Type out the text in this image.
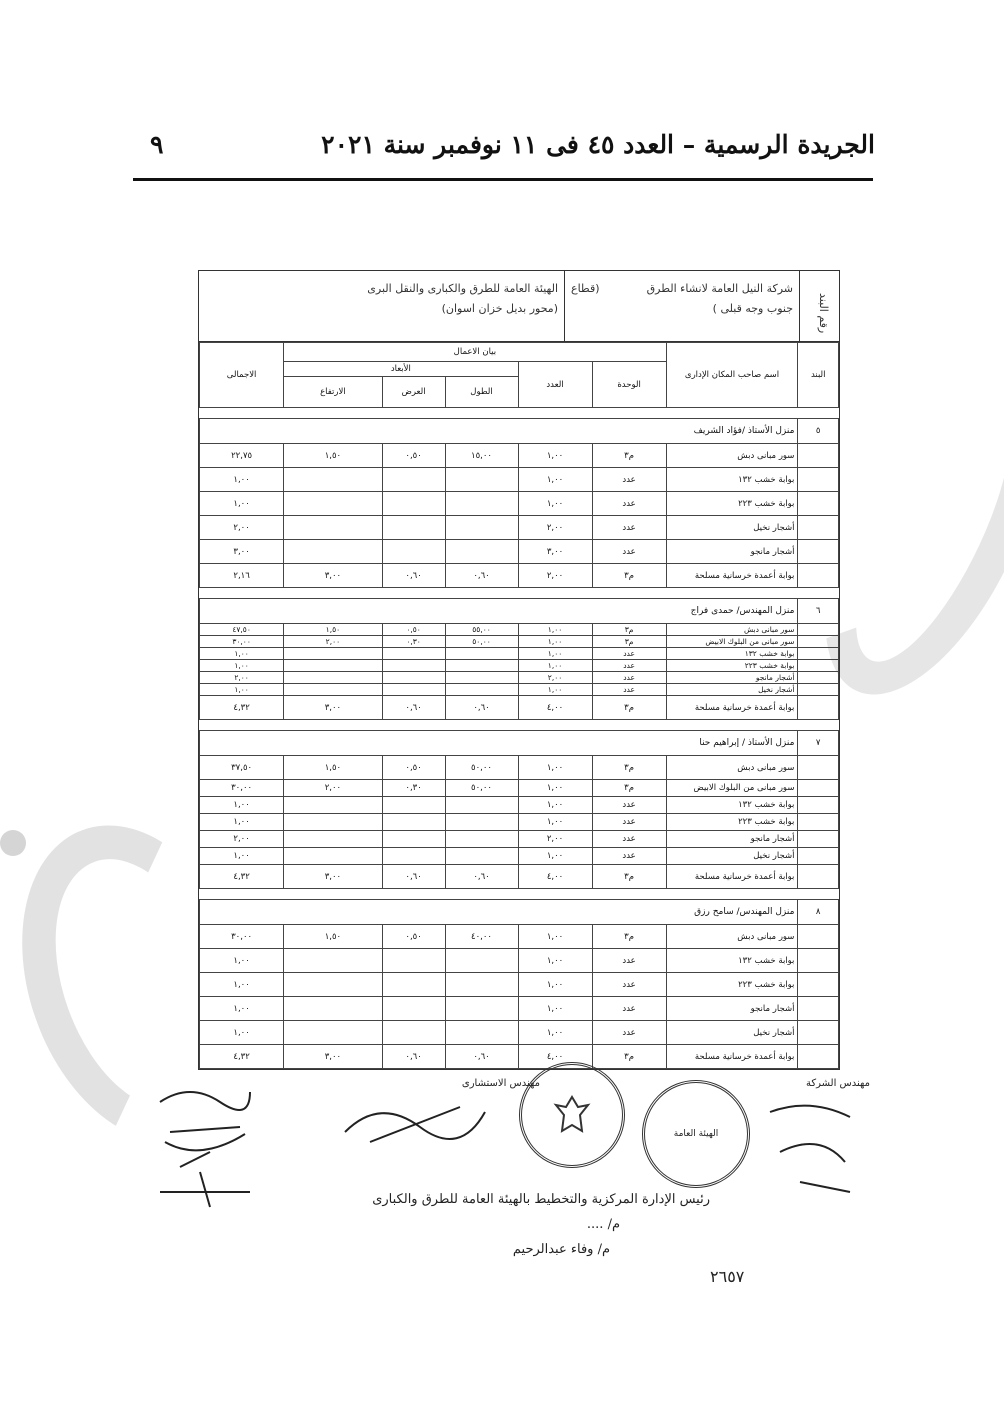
الجريدة الرسمية – العدد ٤٥ فى ١١ نوفمبر سنة ٢٠٢١
٩
رقم البند
شركة النيل العامة لانشاء الطرق
(قطاع
جنوب وجه قبلى )
الهيئة العامة للطرق والكبارى والنقل البرى
(محور بديل خزان اسوان)
البند	اسم صاحب المكان الإدارى	بيان الاعمال					الاجمالى
		الوحدة	العدد	الأبعاد			
				الطول	العرض	الارتفاع	

٥	منزل الأستاذ /فؤاد الشريف						
	سور مبانى دبش	م٣	١,٠٠	١٥,٠٠	٠,٥٠	١,٥٠	٢٢,٧٥
	بوابة خشب ١٣٢	عدد	١,٠٠				١,٠٠
	بوابة خشب ٢٢٣	عدد	١,٠٠				١,٠٠
	أشجار نخيل	عدد	٢,٠٠				٢,٠٠
	أشجار مانجو	عدد	٣,٠٠				٣,٠٠
	بوابة أعمدة خرسانية مسلحة	م٣	٢,٠٠	٠,٦٠	٠,٦٠	٣,٠٠	٢,١٦

٦	منزل المهندس/ حمدى فراج						
	سور مبانى دبش	م٣	١,٠٠	٥٥,٠٠	٠,٥٠	١,٥٠	٤٧,٥٠
	سور مبانى من البلوك الابيض	م٣	١,٠٠	٥٠,٠٠	٠,٣٠	٢,٠٠	٣٠,٠٠
	بوابة خشب ١٣٢	عدد	١,٠٠				١,٠٠
	بوابة خشب ٢٢٣	عدد	١,٠٠				١,٠٠
	أشجار مانجو	عدد	٢,٠٠				٢,٠٠
	أشجار نخيل	عدد	١,٠٠				١,٠٠
	بوابة أعمدة خرسانية مسلحة	م٣	٤,٠٠	٠,٦٠	٠,٦٠	٣,٠٠	٤,٣٢

٧	منزل الأستاذ / إبراهيم حنا						
	سور مبانى دبش	م٣	١,٠٠	٥٠,٠٠	٠,٥٠	١,٥٠	٣٧,٥٠
	سور مبانى من البلوك الابيض	م٣	١,٠٠	٥٠,٠٠	٠,٣٠	٢,٠٠	٣٠,٠٠
	بوابة خشب ١٣٢	عدد	١,٠٠				١,٠٠
	بوابة خشب ٢٢٣	عدد	١,٠٠				١,٠٠
	أشجار مانجو	عدد	٢,٠٠				٢,٠٠
	أشجار نخيل	عدد	١,٠٠				١,٠٠
	بوابة أعمدة خرسانية مسلحة	م٣	٤,٠٠	٠,٦٠	٠,٦٠	٣,٠٠	٤,٣٢

٨	منزل المهندس/ سامح رزق						
	سور مبانى دبش	م٣	١,٠٠	٤٠,٠٠	٠,٥٠	١,٥٠	٣٠,٠٠
	بوابة خشب ١٣٢	عدد	١,٠٠				١,٠٠
	بوابة خشب ٢٢٣	عدد	١,٠٠				١,٠٠
	أشجار مانجو	عدد	١,٠٠				١,٠٠
	أشجار نخيل	عدد	١,٠٠				١,٠٠
	بوابة أعمدة خرسانية مسلحة	م٣	٤,٠٠	٠,٦٠	٠,٦٠	٣,٠٠	٤,٣٢
مهندس الشركة
مهندس الاستشارى
الهيئة العامة
رئيس الإدارة المركزية والتخطيط بالهيئة العامة للطرق والكبارى
م/ ....
م/ وفاء عبدالرحيم
٢٦٥٧
